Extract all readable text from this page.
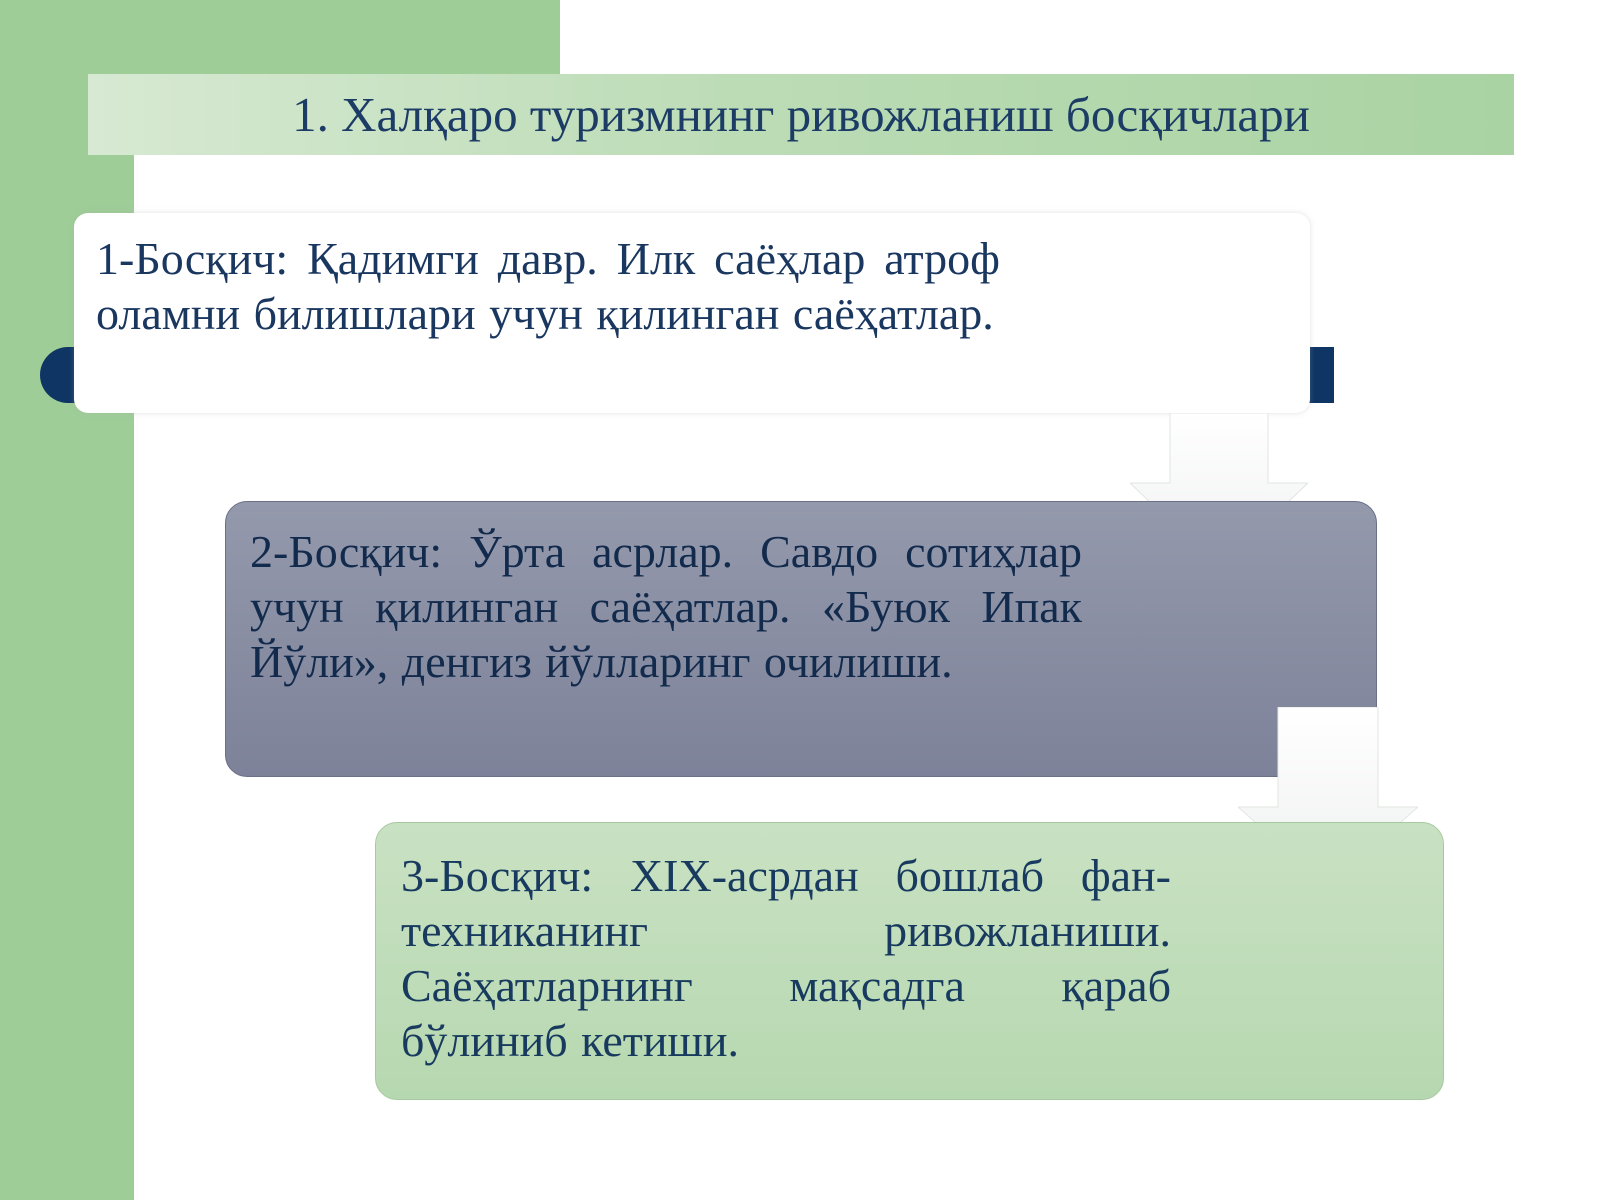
1. Халқаро туризмнинг ривожланиш босқичлари

1-Босқич: Қадимги давр. Илк саёҳлар атроф оламни билишлари учун қилинган саёҳатлар.

2-Босқич: Ўрта асрлар. Савдо сотиҳлар учун қилинган саёҳатлар. «Буюк Ипак Йўли», денгиз йўлларинг очилиши.

3-Босқич: XIX-асрдан бошлаб фан-техниканинг ривожланиши. Саёҳатларнинг мақсадга қараб бўлиниб кетиши.
